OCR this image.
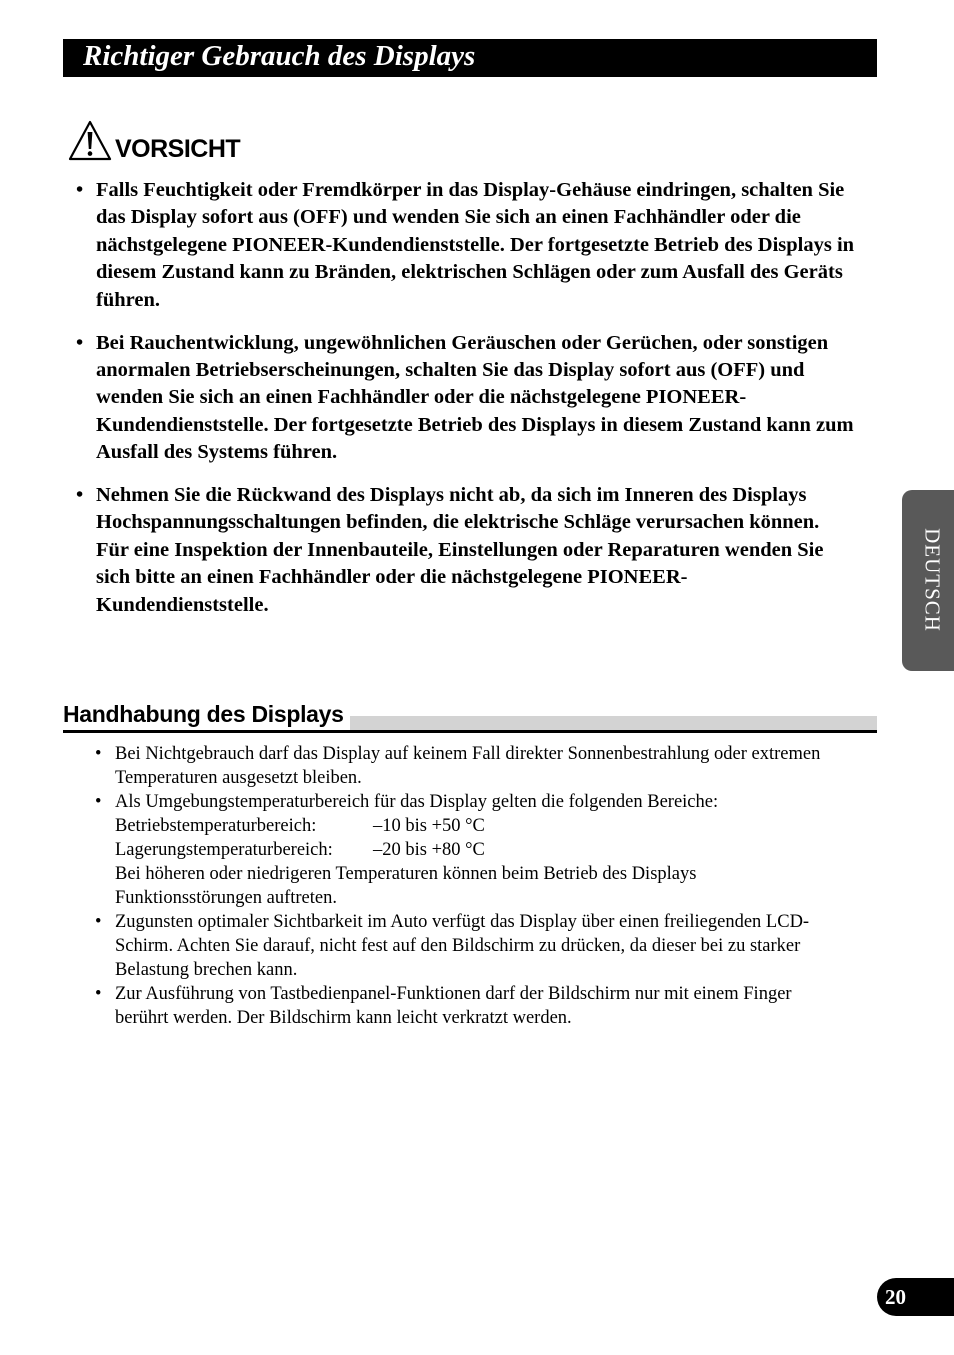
Richtiger Gebrauch des Displays
VORSICHT
• Falls Feuchtigkeit oder Fremdkörper in das Display-Gehäuse eindringen, schalten Sie das Display sofort aus (OFF) und wenden Sie sich an einen Fachhändler oder die nächstgelegene PIONEER-Kundendienststelle. Der fortgesetzte Betrieb des Displays in diesem Zustand kann zu Bränden, elektrischen Schlägen oder zum Ausfall des Geräts führen.
• Bei Rauchentwicklung, ungewöhnlichen Geräuschen oder Gerüchen, oder sonstigen anormalen Betriebserscheinungen, schalten Sie das Display sofort aus (OFF) und wenden Sie sich an einen Fachhändler oder die nächstgelegene PIONEER-Kundendienststelle. Der fortgesetzte Betrieb des Displays in diesem Zustand kann zum Ausfall des Systems führen.
• Nehmen Sie die Rückwand des Displays nicht ab, da sich im Inneren des Displays Hochspannungsschaltungen befinden, die elektrische Schläge verursachen können. Für eine Inspektion der Innenbauteile, Einstellungen oder Reparaturen wenden Sie sich bitte an einen Fachhändler oder die nächstgelegene PIONEER-Kundendienststelle.
Handhabung des Displays
• Bei Nichtgebrauch darf das Display auf keinem Fall direkter Sonnenbestrahlung oder extremen Temperaturen ausgesetzt bleiben.
• Als Umgebungstemperaturbereich für das Display gelten die folgenden Bereiche:
Betriebstemperaturbereich:	–10 bis +50 °C
Lagerungstemperaturbereich: –20 bis +80 °C
Bei höheren oder niedrigeren Temperaturen können beim Betrieb des Displays Funktionsstörungen auftreten.
• Zugunsten optimaler Sichtbarkeit im Auto verfügt das Display über einen freiliegenden LCD-Schirm. Achten Sie darauf, nicht fest auf den Bildschirm zu drücken, da dieser bei zu starker Belastung brechen kann.
• Zur Ausführung von Tastbedienpanel-Funktionen darf der Bildschirm nur mit einem Finger berührt werden. Der Bildschirm kann leicht verkratzt werden.
DEUTSCH
20
